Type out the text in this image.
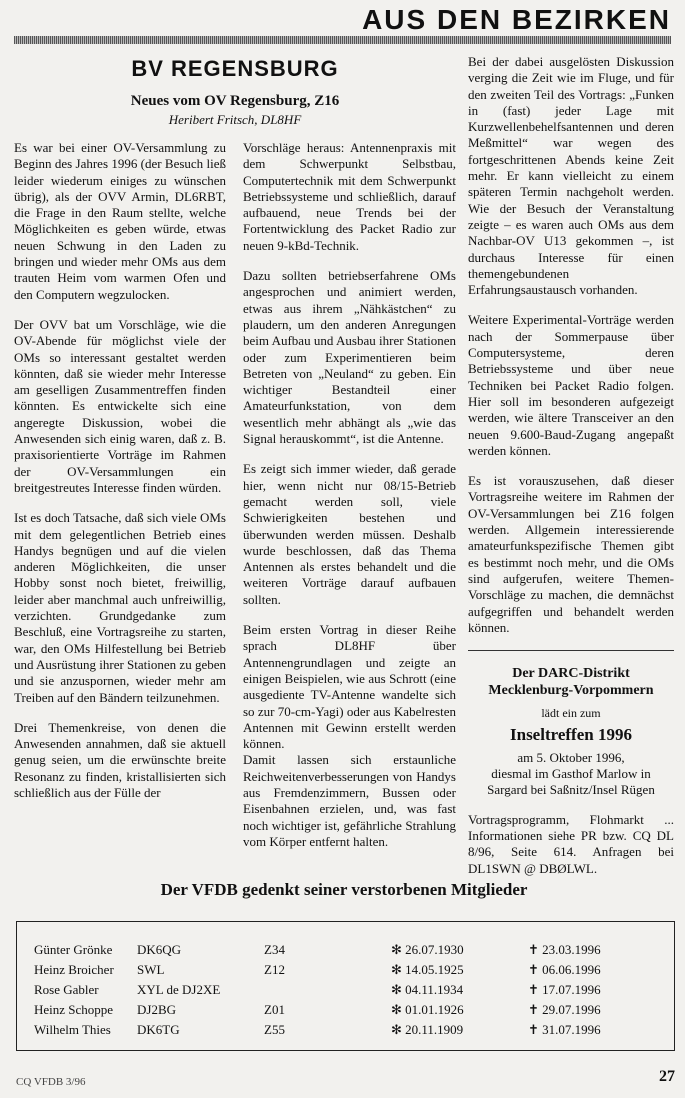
AUS DEN BEZIRKEN
BV REGENSBURG
Neues vom OV Regensburg, Z16
Heribert Fritsch, DL8HF

Es war bei einer OV-Versammlung zu Beginn des Jahres 1996 (der Besuch ließ leider wiederum einiges zu wünschen übrig), als der OVV Armin, DL6RBT, die Frage in den Raum stellte, welche Möglichkeiten es geben würde, etwas neuen Schwung in den Laden zu bringen und wieder mehr OMs aus dem trauten Heim vom warmen Ofen und den Computern wegzulocken.

Der OVV bat um Vorschläge, wie die OV-Abende für möglichst viele der OMs so interessant gestaltet werden könnten, daß sie wieder mehr Interesse am geselligen Zusammentreffen finden könnten. Es entwickelte sich eine angeregte Diskussion, wobei die Anwesenden sich einig waren, daß z. B. praxisorientierte Vorträge im Rahmen der OV-Versammlungen ein breitgestreutes Interesse finden würden.

Ist es doch Tatsache, daß sich viele OMs mit dem gelegentlichen Betrieb eines Handys begnügen und auf die vielen anderen Möglichkeiten, die unser Hobby sonst noch bietet, freiwillig, leider aber manchmal auch unfreiwillig, verzichten. Grundgedanke zum Beschluß, eine Vortragsreihe zu starten, war, den OMs Hilfestellung bei Betrieb und Ausrüstung ihrer Stationen zu geben und sie anzuspornen, wieder mehr am Treiben auf den Bändern teilzunehmen.

Drei Themenkreise, von denen die Anwesenden annahmen, daß sie aktuell genug seien, um die erwünschte breite Resonanz zu finden, kristallisierten sich schließlich aus der Fülle der

Vorschläge heraus: Antennenpraxis mit dem Schwerpunkt Selbstbau, Computertechnik mit dem Schwerpunkt Betriebssysteme und schließlich, darauf aufbauend, neue Trends bei der Fortentwicklung des Packet Radio zur neuen 9-kBd-Technik.

Dazu sollten betriebserfahrene OMs angesprochen und animiert werden, etwas aus ihrem „Nähkästchen“ zu plaudern, um den anderen Anregungen beim Aufbau und Ausbau ihrer Stationen oder zum Experimentieren beim Betreten von „Neuland“ zu geben. Ein wichtiger Bestandteil einer Amateurfunkstation, von dem wesentlich mehr abhängt als „wie das Signal herauskommt“, ist die Antenne.

Es zeigt sich immer wieder, daß gerade hier, wenn nicht nur 08/15-Betrieb gemacht werden soll, viele Schwierigkeiten bestehen und überwunden werden müssen. Deshalb wurde beschlossen, daß das Thema Antennen als erstes behandelt und die weiteren Vorträge darauf aufbauen sollten.

Beim ersten Vortrag in dieser Reihe sprach DL8HF über Antennengrundlagen und zeigte an einigen Beispielen, wie aus Schrott (eine ausgediente TV-Antenne wandelte sich so zur 70-cm-Yagi) oder aus Kabelresten Antennen mit Gewinn erstellt werden können.

Damit lassen sich erstaunliche Reichweitenverbesserungen von Handys aus Fremdenzimmern, Bussen oder Eisenbahnen erzielen, und, was fast noch wichtiger ist, gefährliche Strahlung vom Körper entfernt halten.

Bei der dabei ausgelösten Diskussion verging die Zeit wie im Fluge, und für den zweiten Teil des Vortrags: „Funken in (fast) jeder Lage mit Kurzwellenbehelfsantennen und deren Meßmittel“ war wegen des fortgeschrittenen Abends keine Zeit mehr. Er kann vielleicht zu einem späteren Termin nachgeholt werden. Wie der Besuch der Veranstaltung zeigte – es waren auch OMs aus dem Nachbar-OV U13 gekommen –, ist durchaus Interesse für einen themengebundenen Erfahrungsaustausch vorhanden.

Weitere Experimental-Vorträge werden nach der Sommerpause über Computersysteme, deren Betriebssysteme und über neue Techniken bei Packet Radio folgen. Hier soll im besonderen aufgezeigt werden, wie ältere Transceiver an den neuen 9.600-Baud-Zugang angepaßt werden können.

Es ist vorauszusehen, daß dieser Vortragsreihe weitere im Rahmen der OV-Versammlungen bei Z16 folgen werden. Allgemein interessierende amateurfunkspezifische Themen gibt es bestimmt noch mehr, und die OMs sind aufgerufen, weitere Themen-Vorschläge zu machen, die demnächst aufgegriffen und behandelt werden können.

Der DARC-Distrikt
Mecklenburg-Vorpommern
lädt ein zum
Inseltreffen 1996
am 5. Oktober 1996,
diesmal im Gasthof Marlow in
Sargard bei Saßnitz/Insel Rügen
Vortragsprogramm, Flohmarkt ... Informationen siehe PR bzw. CQ DL 8/96, Seite 614. Anfragen bei DL1SWN @ DBØLWL.
Der VFDB gedenkt seiner verstorbenen Mitglieder
Günter Grönke DK6QG	Z34	✻ 26.07.1930	✝ 23.03.1996
Heinz Broicher SWL	Z12	✻ 14.05.1925	✝ 06.06.1996
Rose Gabler	XYL de DJ2XE	✻ 04.11.1934	✝ 17.07.1996
Heinz Schoppe DJ2BG	Z01	✻ 01.01.1926	✝ 29.07.1996
Wilhelm Thies DK6TG	Z55	✻ 20.11.1909	✝ 31.07.1996
CQ VFDB 3/96	27
